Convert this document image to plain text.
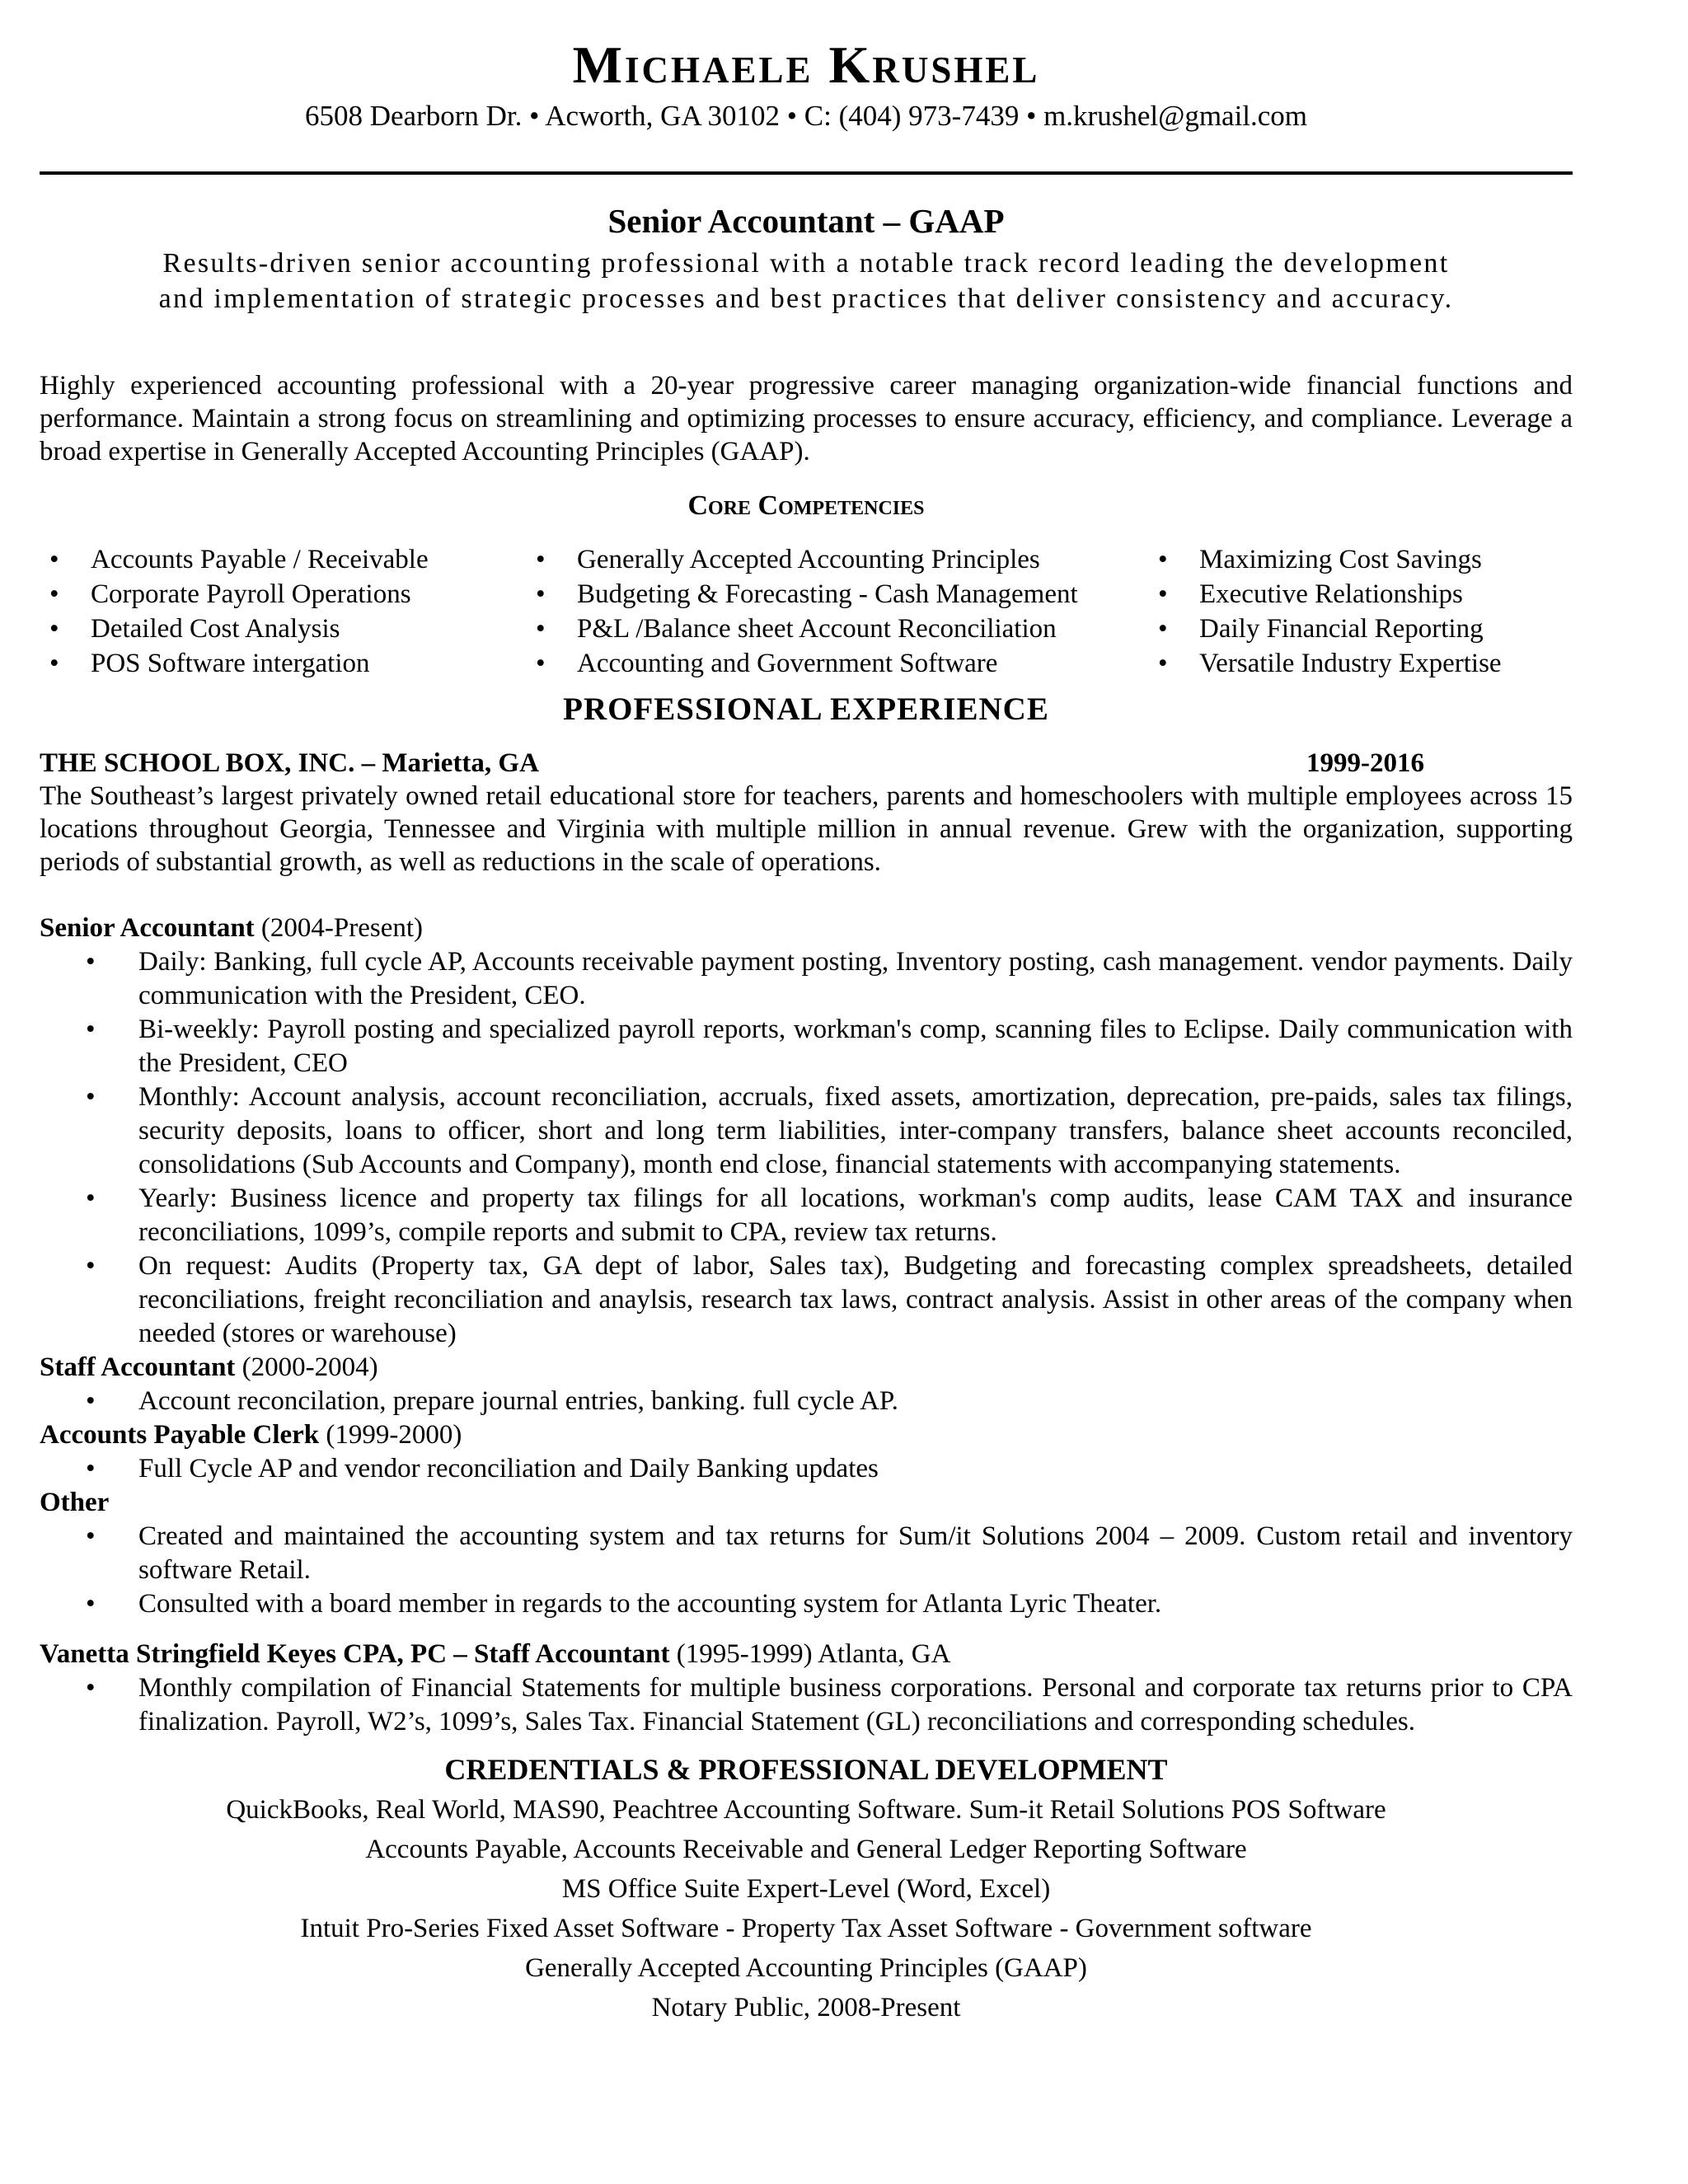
Michaele Krushel
6508 Dearborn Dr. • Acworth, GA 30102 • C: (404) 973-7439 • m.krushel@gmail.com
Senior Accountant – GAAP
Results-driven senior accounting professional with a notable track record leading the development
and implementation of strategic processes and best practices that deliver consistency and accuracy.
Highly experienced accounting professional with a 20-year progressive career managing organization-wide financial functions and performance. Maintain a strong focus on streamlining and optimizing processes to ensure accuracy, efficiency, and compliance. Leverage a broad expertise in Generally Accepted Accounting Principles (GAAP).
Core Competencies
• Accounts Payable / Receivable
• Corporate Payroll Operations
• Detailed Cost Analysis
• POS Software intergation
• Generally Accepted Accounting Principles
• Budgeting & Forecasting - Cash Management
• P&L /Balance sheet Account Reconciliation
• Accounting and Government Software
• Maximizing Cost Savings
• Executive Relationships
• Daily Financial Reporting
• Versatile Industry Expertise
PROFESSIONAL EXPERIENCE
THE SCHOOL BOX, INC. – Marietta, GA	1999-2016
The Southeast’s largest privately owned retail educational store for teachers, parents and homeschoolers with multiple employees across 15 locations throughout Georgia, Tennessee and Virginia with multiple million in annual revenue. Grew with the organization, supporting periods of substantial growth, as well as reductions in the scale of operations.
Senior Accountant (2004-Present)
• Daily: Banking, full cycle AP, Accounts receivable payment posting, Inventory posting, cash management. vendor payments. Daily communication with the President, CEO.
• Bi-weekly: Payroll posting and specialized payroll reports, workman's comp, scanning files to Eclipse. Daily communication with the President, CEO
• Monthly: Account analysis, account reconciliation, accruals, fixed assets, amortization, deprecation, pre-paids, sales tax filings, security deposits, loans to officer, short and long term liabilities, inter-company transfers, balance sheet accounts reconciled, consolidations (Sub Accounts and Company), month end close, financial statements with accompanying statements.
• Yearly: Business licence and property tax filings for all locations, workman's comp audits, lease CAM TAX and insurance reconciliations, 1099’s, compile reports and submit to CPA, review tax returns.
• On request: Audits (Property tax, GA dept of labor, Sales tax), Budgeting and forecasting complex spreadsheets, detailed reconciliations, freight reconciliation and anaylsis, research tax laws, contract analysis. Assist in other areas of the company when needed (stores or warehouse)
Staff Accountant (2000-2004)
• Account reconcilation, prepare journal entries, banking. full cycle AP.
Accounts Payable Clerk (1999-2000)
• Full Cycle AP and vendor reconciliation and Daily Banking updates
Other
• Created and maintained the accounting system and tax returns for Sum/it Solutions 2004 – 2009. Custom retail and inventory software Retail.
• Consulted with a board member in regards to the accounting system for Atlanta Lyric Theater.
Vanetta Stringfield Keyes CPA, PC – Staff Accountant (1995-1999) Atlanta, GA
• Monthly compilation of Financial Statements for multiple business corporations. Personal and corporate tax returns prior to CPA finalization. Payroll, W2’s, 1099’s, Sales Tax. Financial Statement (GL) reconciliations and corresponding schedules.
CREDENTIALS & PROFESSIONAL DEVELOPMENT
QuickBooks, Real World, MAS90, Peachtree Accounting Software. Sum-it Retail Solutions POS Software
Accounts Payable, Accounts Receivable and General Ledger Reporting Software
MS Office Suite Expert-Level (Word, Excel)
Intuit Pro-Series Fixed Asset Software - Property Tax Asset Software - Government software
Generally Accepted Accounting Principles (GAAP)
Notary Public, 2008-Present
